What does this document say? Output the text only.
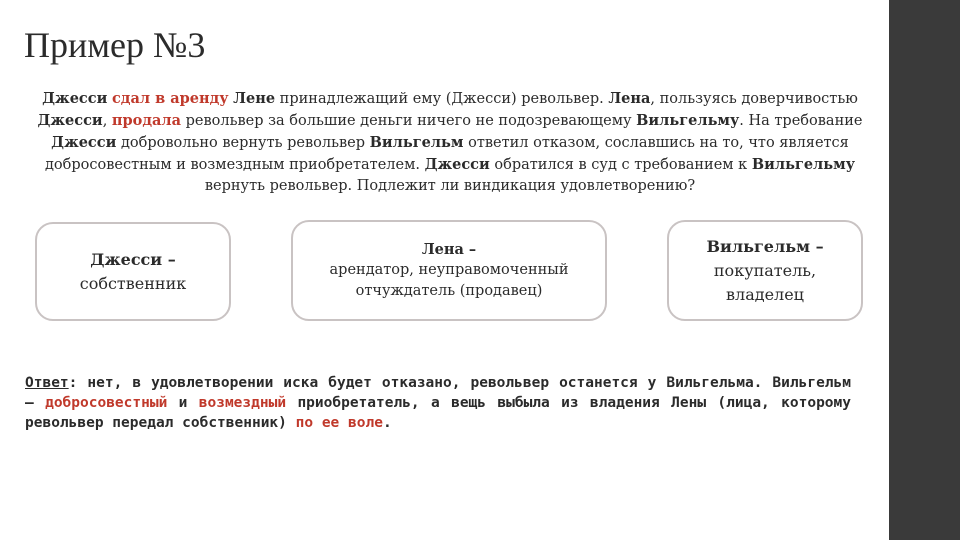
Пример №3
Джесси сдал в аренду Лене принадлежащий ему (Джесси) револьвер. Лена, пользуясь доверчивостью Джесси, продала револьвер за большие деньги ничего не подозревающему Вильгельму. На требование Джесси добровольно вернуть револьвер Вильгельм ответил отказом, сославшись на то, что является добросовестным и возмездным приобретателем. Джесси обратился в суд с требованием к Вильгельму вернуть револьвер. Подлежит ли виндикация удовлетворению?
Джесси –
собственник
Лена –
арендатор, неуправомоченный
отчуждатель (продавец)
Вильгельм –
покупатель,
владелец
Ответ: нет, в удовлетворении иска будет отказано, револьвер останется у Вильгельма. Вильгельм – добросовестный и возмездный приобретатель, а вещь выбыла из владения Лены (лица, которому револьвер передал собственник) по ее воле.
